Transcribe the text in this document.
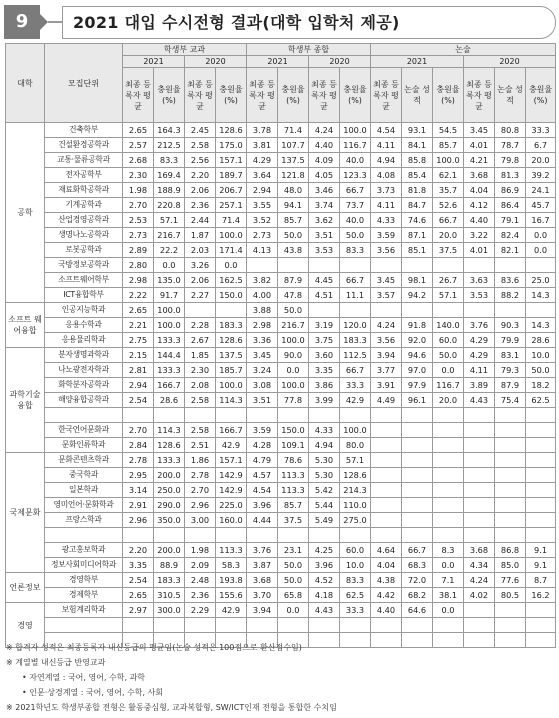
9	2021 대입 수시전형 결과(대학 입학처 제공)
대학	모집단위	학생부 교과				학생부 종합				논술					
		2021		2020		2021		2020		2021			2020		
		최종 등록자 평균	충원율 (%)	최종 등록자 평균	충원율 (%)	최종 등록자 평균	충원율 (%)	최종 등록자 평균	충원율 (%)	최종 등록자 평균	논술 성적	충원율 (%)	최종 등록자 평균	논술 성적	충원율 (%)
공학	건축학부	2.65	164.3	2.45	128.6	3.78	71.4	4.24	100.0	4.54	93.1	54.5	3.45	80.8	33.3
	건설환경공학과	2.57	212.5	2.58	175.0	3.81	107.7	4.40	116.7	4.11	84.1	85.7	4.01	78.7	6.7
	교통·물류공학과	2.68	83.3	2.56	157.1	4.29	137.5	4.09	40.0	4.94	85.8	100.0	4.21	79.8	20.0
	전자공학부	2.30	169.4	2.20	189.7	3.64	121.8	4.05	123.3	4.08	85.4	62.1	3.68	81.3	39.2
	재료화학공학과	1.98	188.9	2.06	206.7	2.94	48.0	3.46	66.7	3.73	81.8	35.7	4.04	86.9	24.1
	기계공학과	2.70	220.8	2.36	257.1	3.55	94.1	3.74	73.7	4.11	84.7	52.6	4.12	86.4	45.7
	산업경영공학과	2.53	57.1	2.44	71.4	3.52	85.7	3.62	40.0	4.33	74.6	66.7	4.40	79.1	16.7
	생명나노공학과	2.73	216.7	1.87	100.0	2.73	50.0	3.51	50.0	3.59	87.1	20.0	3.22	82.4	0.0
	로봇공학과	2.89	22.2	2.03	171.4	4.13	43.8	3.53	83.3	3.56	85.1	37.5	4.01	82.1	0.0
	국방정보공학과	2.80	0.0	3.26	0.0										
	소프트웨어학부	2.98	135.0	2.06	162.5	3.82	87.9	4.45	66.7	3.45	98.1	26.7	3.63	83.6	25.0
	ICT융합학부	2.22	91.7	2.27	150.0	4.00	47.8	4.51	11.1	3.57	94.2	57.1	3.53	88.2	14.3
소프트 웨어융합	인공지능학과	2.65	100.0			3.88	50.0								
	응용수학과	2.21	100.0	2.28	183.3	2.98	216.7	3.19	120.0	4.24	91.8	140.0	3.76	90.3	14.3
	응용물리학과	2.75	133.3	2.67	128.6	3.36	100.0	3.75	183.3	3.56	92.0	60.0	4.29	79.9	28.6
과학기술 융합	분자생명과학과	2.15	144.4	1.85	137.5	3.45	90.0	3.60	112.5	3.94	94.6	50.0	4.29	83.1	10.0
	나노광전자학과	2.81	133.3	2.30	185.7	3.24	0.0	3.35	66.7	3.77	97.0	0.0	4.11	79.3	50.0
	화학분자공학과	2.94	166.7	2.08	100.0	3.08	100.0	3.86	33.3	3.91	97.9	116.7	3.89	87.9	18.2
	해양융합공학과	2.54	28.6	2.58	114.3	3.51	77.8	3.99	42.9	4.49	96.1	20.0	4.43	75.4	62.5

	한국언어문화과	2.70	114.3	2.58	166.7	3.59	150.0	4.33	100.0						
	문화인류학과	2.84	128.6	2.51	42.9	4.28	109.1	4.94	80.0						
국제문화	문화콘텐츠학과	2.78	133.3	1.86	157.1	4.79	78.6	5.30	57.1						
	중국학과	2.95	200.0	2.78	142.9	4.57	113.3	5.30	128.6						
	일본학과	3.14	250.0	2.70	142.9	4.54	113.3	5.42	214.3						
	영미언어·문화학과	2.91	290.0	2.96	225.0	3.96	85.7	5.44	110.0						
	프랑스학과	2.96	350.0	3.00	160.0	4.44	37.5	5.49	275.0						

	광고홍보학과	2.20	200.0	1.98	113.3	3.76	23.1	4.25	60.0	4.64	66.7	8.3	3.68	86.8	9.1
	정보사회미디어학과	3.35	88.9	2.09	58.3	3.87	50.0	3.96	10.0	4.04	68.3	0.0	4.34	85.0	9.1
언론정보	경영학부	2.54	183.3	2.48	193.8	3.68	50.0	4.52	83.3	4.38	72.0	7.1	4.24	77.6	8.7
	경제학부	2.65	310.5	2.36	155.6	3.70	65.8	4.18	62.5	4.42	68.2	38.1	4.02	80.5	16.2
경영	보험계리학과	2.97	300.0	2.29	42.9	3.94	0.0	4.43	33.3	4.40	64.6	0.0			

※ 합격자 성적은 최종등록자 내신등급의 평균임(논술 성적은 100점으로 환산점수임)
※ 계열별 내신등급 반영교과
• 자연계열 : 국어, 영어, 수학, 과학
• 인문·상경계열 : 국어, 영어, 수학, 사회
※ 2021학년도 학생부종합 전형은 활동중심형, 교과복합형, SW/ICT인재 전형을 통합한 수치임
